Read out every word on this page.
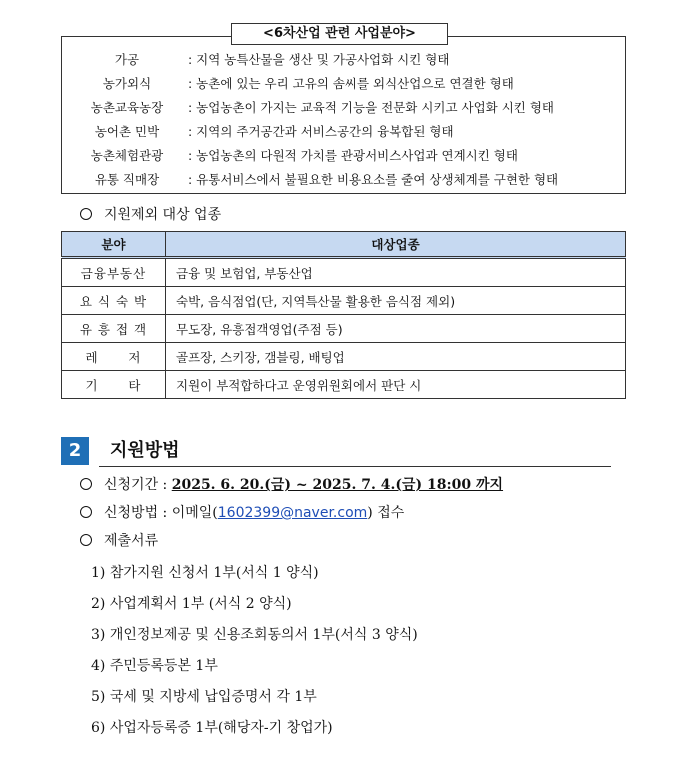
가공	: 지역 농특산물을 생산 및 가공사업화 시킨 형태
농가외식	: 농촌에 있는 우리 고유의 솜씨를 외식산업으로 연결한 형태
농촌교육농장	: 농업농촌이 가지는 교육적 기능을 전문화 시키고 사업화 시킨 형태
농어촌 민박	: 지역의 주거공간과 서비스공간의 융복합된 형태
농촌체험관광	: 농업농촌의 다원적 가치를 관광서비스사업과 연계시킨 형태
유통 직매장	: 유통서비스에서 불필요한 비용요소를 줄여 상생체계를 구현한 형태
<6차산업 관련 사업분야>
지원제외 대상 업종
분야	대상업종
금융부동산	금융 및 보험업, 부동산업
요 식 숙 박	숙박, 음식점업(단, 지역특산물 활용한 음식점 제외)
유 흥 접 객	무도장, 유흥접객영업(주점 등)
레      저	골프장, 스키장, 갬블링, 배팅업
기      타	지원이 부적합하다고 운영위원회에서 판단 시
2	지원방법
신청기간 : 2025. 6. 20.(금) ~ 2025. 7. 4.(금) 18:00 까지
신청방법 : 이메일(1602399@naver.com) 접수
제출서류
1) 참가지원 신청서 1부(서식 1 양식)
2) 사업계획서 1부 (서식 2 양식)
3) 개인정보제공 및 신용조회동의서 1부(서식 3 양식)
4) 주민등록등본 1부
5) 국세 및 지방세 납입증명서 각 1부
6) 사업자등록증 1부(해당자-기 창업가)
